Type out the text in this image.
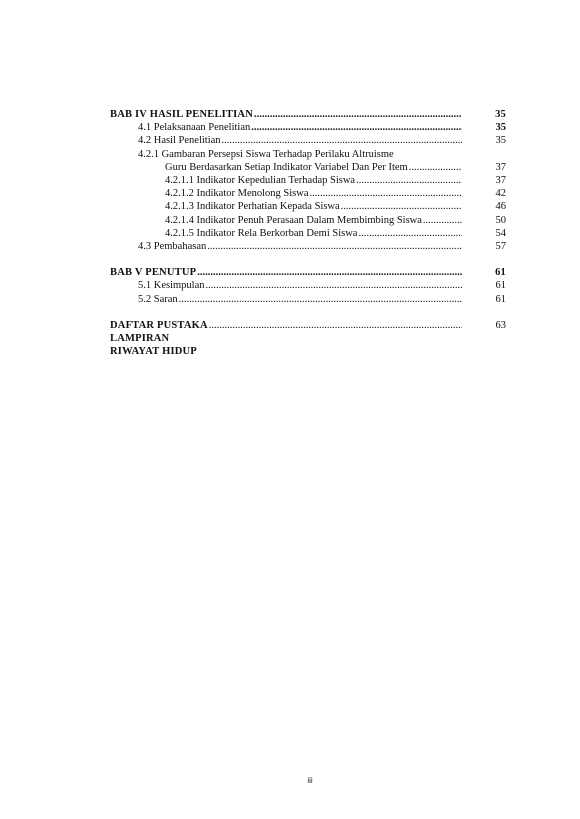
BAB IV HASIL PENELITIAN .....	35
4.1 Pelaksanaan Penelitian .....	35
4.2 Hasil Penelitian .....	35
4.2.1 Gambaran Persepsi Siswa Terhadap Perilaku Altruisme
Guru Berdasarkan Setiap Indikator Variabel Dan Per Item .....	37
4.2.1.1 Indikator Kepedulian Terhadap Siswa .....	37
4.2.1.2 Indikator Menolong Siswa .....	42
4.2.1.3 Indikator Perhatian Kepada Siswa .....	46
4.2.1.4 Indikator Penuh Perasaan Dalam Membimbing Siswa .....	50
4.2.1.5 Indikator Rela Berkorban Demi Siswa .....	54
4.3 Pembahasan .....	57
BAB V PENUTUP .....	61
5.1 Kesimpulan .....	61
5.2 Saran .....	61
DAFTAR PUSTAKA .....	63
LAMPIRAN
RIWAYAT HIDUP
iii
